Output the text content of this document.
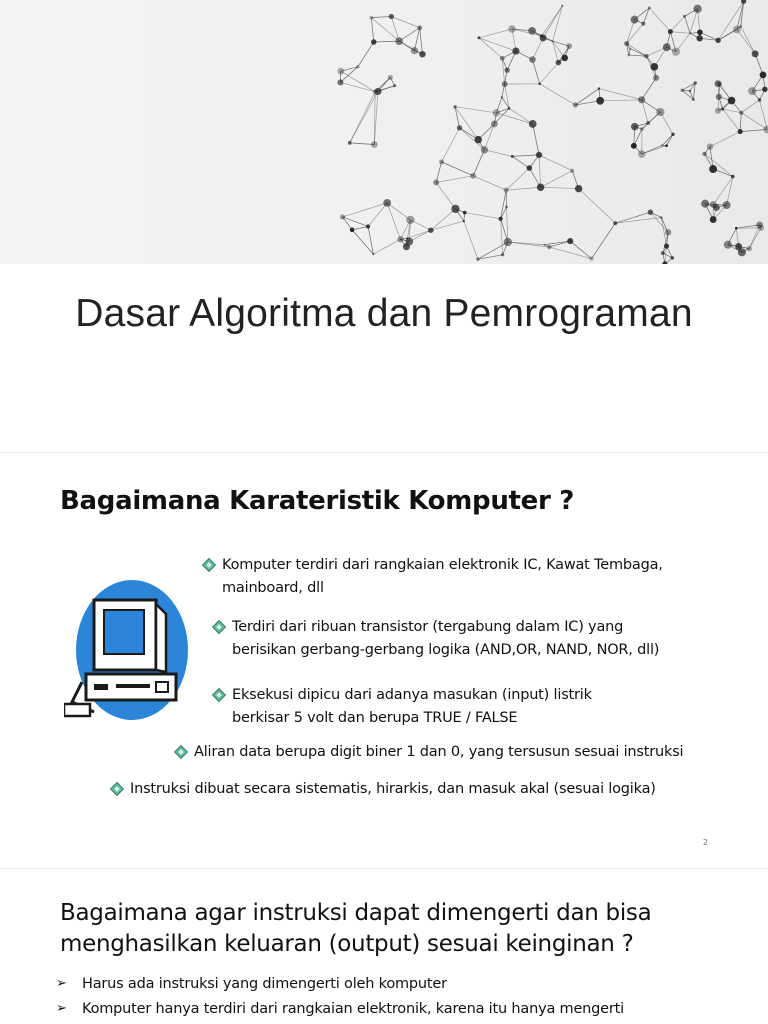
Dasar Algoritma dan Pemrograman
Bagaimana Karateristik Komputer ?
Komputer terdiri dari rangkaian elektronik IC, Kawat Tembaga,
mainboard, dll
Terdiri dari ribuan transistor (tergabung dalam IC) yang
berisikan gerbang-gerbang logika (AND,OR, NAND, NOR, dll)
Eksekusi dipicu dari adanya masukan (input) listrik
berkisar 5 volt dan berupa TRUE / FALSE
Aliran data berupa digit biner 1 dan 0, yang tersusun sesuai instruksi
Instruksi dibuat secara sistematis, hirarkis, dan masuk akal (sesuai logika)
2
Bagaimana agar instruksi dapat dimengerti dan bisa
menghasilkan keluaran (output) sesuai keinginan ?
➢ Harus ada instruksi yang dimengerti oleh komputer
➢ Komputer hanya terdiri dari rangkaian elektronik, karena itu hanya mengerti
